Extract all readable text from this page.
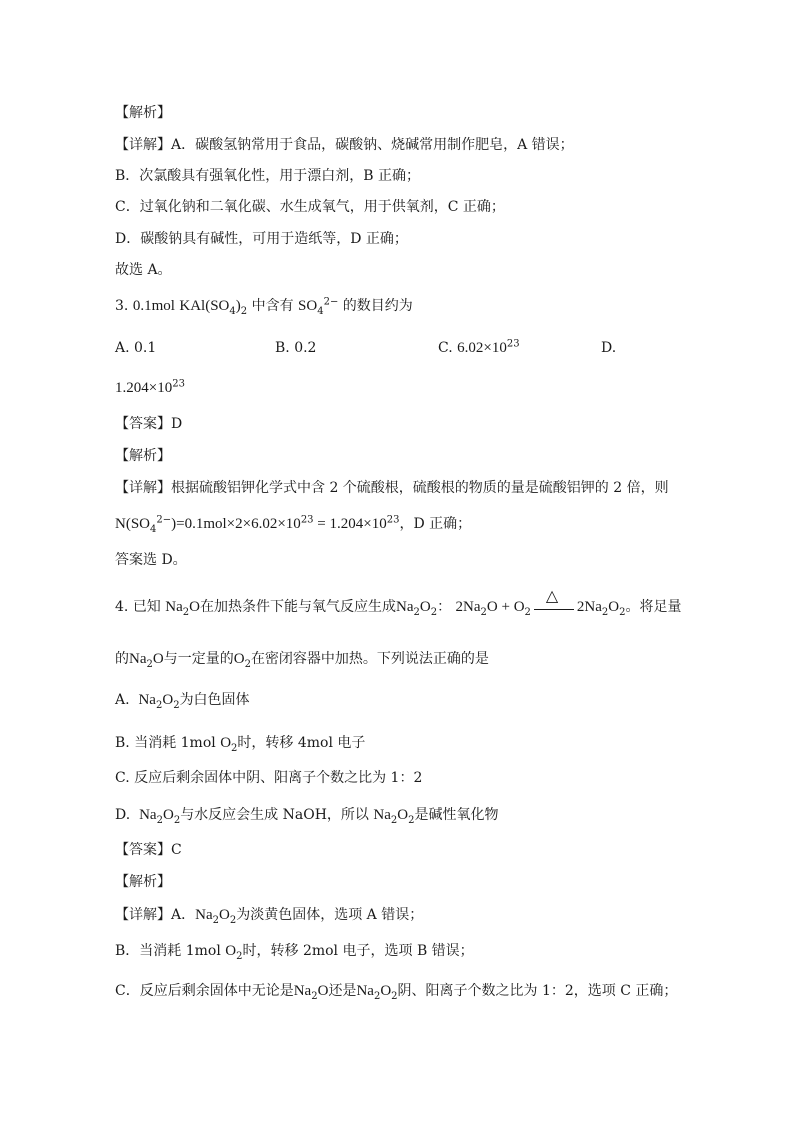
【解析】
【详解】A．碳酸氢钠常用于食品，碳酸钠、烧碱常用制作肥皂，A 错误；
B．次氯酸具有强氧化性，用于漂白剂，B 正确；
C．过氧化钠和二氧化碳、水生成氧气，用于供氧剂，C 正确；
D．碳酸钠具有碱性，可用于造纸等，D 正确；
故选 A。
3. 0.1mol $KAl(SO_4)_2$ 中含有 $SO_4^{2-}$ 的数目约为
A. 0.1	B. 0.2	C. $6.02\times 10^{23}$	D.
$1.204\times 10^{23}$
【答案】D
【解析】
【详解】根据硫酸铝钾化学式中含 2 个硫酸根，硫酸根的物质的量是硫酸铝钾的 2 倍，则
$N(SO_4^{2-})=0.1mol\times 2\times 6.02\times 10^{23} = 1.204\times 10^{23}$，D 正确；
答案选 D。
4. 已知 $Na_2O$在加热条件下能与氧气反应生成$Na_2O_2$： $2Na_2O + O_2$
△
$2Na_2O_2$。将足量
的$Na_2O$与一定量的$O_2$在密闭容器中加热。下列说法正确的是
A. $Na_2O_2$为白色固体
B. 当消耗 1mol $O_2$时，转移 4mol 电子
C. 反应后剩余固体中阴、阳离子个数之比为 1：2
D. $Na_2O_2$与水反应会生成 NaOH，所以 $Na_2O_2$是碱性氧化物
【答案】C
【解析】
【详解】A．$Na_2O_2$为淡黄色固体，选项 A 错误；
B．当消耗 1mol $O_2$时，转移 2mol 电子，选项 B 错误；
C．反应后剩余固体中无论是$Na_2O$还是$Na_2O_2$阴、阳离子个数之比为 1：2，选项 C 正确；
